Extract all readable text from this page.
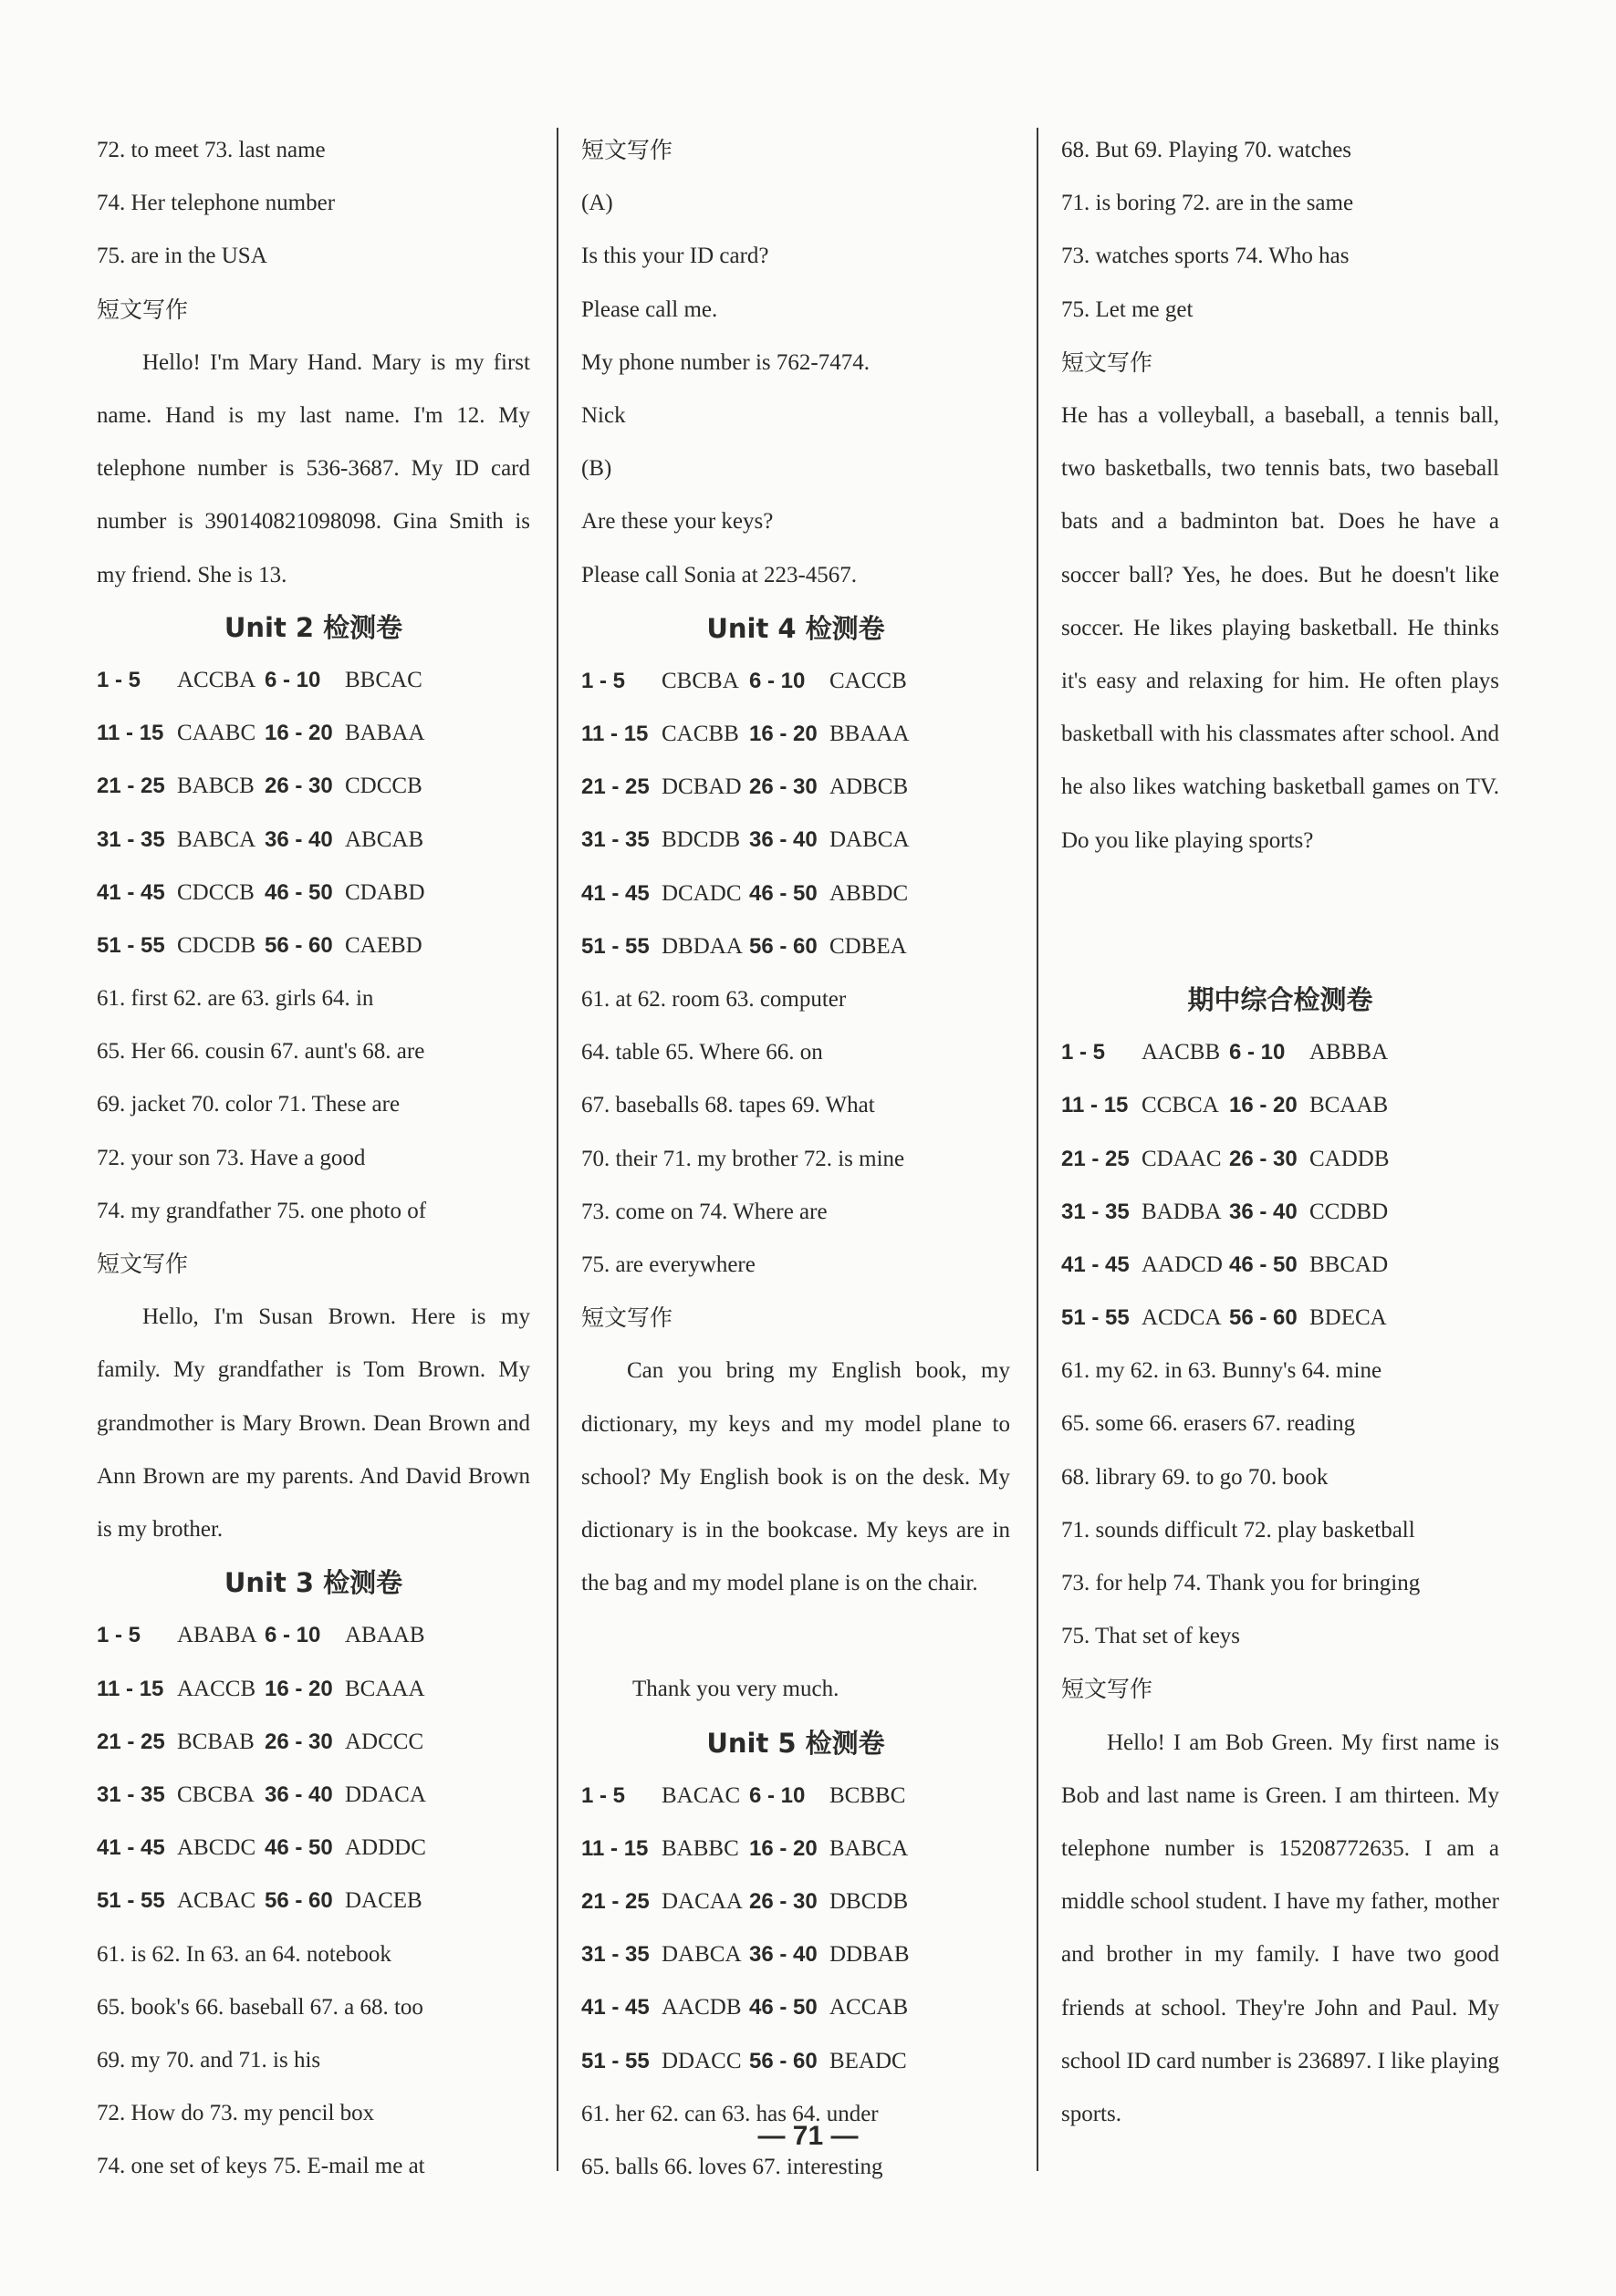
72. to meet 73. last name
74. Her telephone number
75. are in the USA
短文写作
Hello! I'm Mary Hand. Mary is my first name. Hand is my last name. I'm 12. My telephone number is 536-3687. My ID card number is 390140821098098. Gina Smith is my friend. She is 13.
Unit 2 检测卷
1 - 5 ACCBA 6 - 10 BBCAC
11 - 15 CAABC 16 - 20 BABAA
21 - 25 BABCB 26 - 30 CDCCB
31 - 35 BABCA 36 - 40 ABCAB
41 - 45 CDCCB 46 - 50 CDABD
51 - 55 CDCDB 56 - 60 CAEBD
61. first 62. are 63. girls 64. in
65. Her 66. cousin 67. aunt's 68. are
69. jacket 70. color 71. These are
72. your son 73. Have a good
74. my grandfather 75. one photo of
短文写作
Hello, I'm Susan Brown. Here is my family. My grandfather is Tom Brown. My grandmother is Mary Brown. Dean Brown and Ann Brown are my parents. And David Brown is my brother.
Unit 3 检测卷
1 - 5 ABABA 6 - 10 ABAAB
11 - 15 AACCB 16 - 20 BCAAA
21 - 25 BCBAB 26 - 30 ADCCC
31 - 35 CBCBA 36 - 40 DDACA
41 - 45 ABCDC 46 - 50 ADDDC
51 - 55 ACBAC 56 - 60 DACEB
61. is 62. In 63. an 64. notebook
65. book's 66. baseball 67. a 68. too
69. my 70. and 71. is his
72. How do 73. my pencil box
74. one set of keys 75. E-mail me at
短文写作
(A)
Is this your ID card?
Please call me.
My phone number is 762-7474.
Nick
(B)
Are these your keys?
Please call Sonia at 223-4567.
Unit 4 检测卷
1 - 5 CBCBA 6 - 10 CACCB
11 - 15 CACBB 16 - 20 BBAAA
21 - 25 DCBAD 26 - 30 ADBCB
31 - 35 BDCDB 36 - 40 DABCA
41 - 45 DCADC 46 - 50 ABBDC
51 - 55 DBDAA 56 - 60 CDBEA
61. at 62. room 63. computer
64. table 65. Where 66. on
67. baseballs 68. tapes 69. What
70. their 71. my brother 72. is mine
73. come on 74. Where are
75. are everywhere
短文写作
Can you bring my English book, my dictionary, my keys and my model plane to school? My English book is on the desk. My dictionary is in the bookcase. My keys are in the bag and my model plane is on the chair.
Thank you very much.
Unit 5 检测卷
1 - 5 BACAC 6 - 10 BCBBC
11 - 15 BABBC 16 - 20 BABCA
21 - 25 DACAA 26 - 30 DBCDB
31 - 35 DABCA 36 - 40 DDBAB
41 - 45 AACDB 46 - 50 ACCAB
51 - 55 DDACC 56 - 60 BEADC
61. her 62. can 63. has 64. under
65. balls 66. loves 67. interesting
68. But 69. Playing 70. watches
71. is boring 72. are in the same
73. watches sports 74. Who has
75. Let me get
短文写作
He has a volleyball, a baseball, a tennis ball, two basketballs, two tennis bats, two baseball bats and a badminton bat. Does he have a soccer ball? Yes, he does. But he doesn't like soccer. He likes playing basketball. He thinks it's easy and relaxing for him. He often plays basketball with his classmates after school. And he also likes watching basketball games on TV. Do you like playing sports?
期中综合检测卷
1 - 5 AACBB 6 - 10 ABBBA
11 - 15 CCBCA 16 - 20 BCAAB
21 - 25 CDAAC 26 - 30 CADDB
31 - 35 BADBA 36 - 40 CCDBD
41 - 45 AADCD 46 - 50 BBCAD
51 - 55 ACDCA 56 - 60 BDECA
61. my 62. in 63. Bunny's 64. mine
65. some 66. erasers 67. reading
68. library 69. to go 70. book
71. sounds difficult 72. play basketball
73. for help 74. Thank you for bringing
75. That set of keys
短文写作
Hello! I am Bob Green. My first name is Bob and last name is Green. I am thirteen. My telephone number is 15208772635. I am a middle school student. I have my father, mother and brother in my family. I have two good friends at school. They're John and Paul. My school ID card number is 236897. I like playing sports.
— 71 —
